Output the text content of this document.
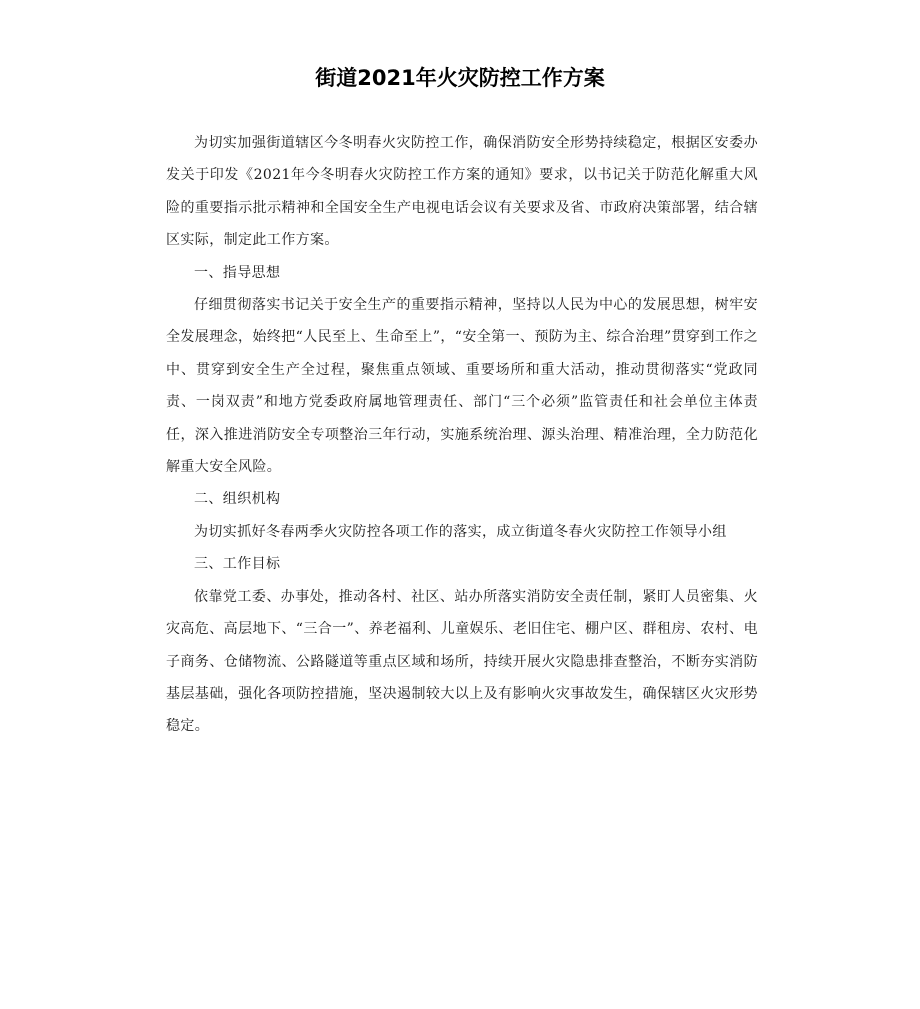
街道2021年火灾防控工作方案

为切实加强街道辖区今冬明春火灾防控工作，确保消防安全形势持续稳定，根据区安委办发关于印发《2021年今冬明春火灾防控工作方案的通知》要求，以书记关于防范化解重大风险的重要指示批示精神和全国安全生产电视电话会议有关要求及省、市政府决策部署，结合辖区实际，制定此工作方案。

一、指导思想

仔细贯彻落实书记关于安全生产的重要指示精神，坚持以人民为中心的发展思想，树牢安全发展理念，始终把“人民至上、生命至上”，“安全第一、预防为主、综合治理”贯穿到工作之中、贯穿到安全生产全过程，聚焦重点领域、重要场所和重大活动，推动贯彻落实“党政同责、一岗双责”和地方党委政府属地管理责任、部门“三个必须”监管责任和社会单位主体责任，深入推进消防安全专项整治三年行动，实施系统治理、源头治理、精准治理，全力防范化解重大安全风险。

二、组织机构

为切实抓好冬春两季火灾防控各项工作的落实，成立街道冬春火灾防控工作领导小组

三、工作目标

依靠党工委、办事处，推动各村、社区、站办所落实消防安全责任制，紧盯人员密集、火灾高危、高层地下、“三合一”、养老福利、儿童娱乐、老旧住宅、棚户区、群租房、农村、电子商务、仓储物流、公路隧道等重点区域和场所，持续开展火灾隐患排查整治，不断夯实消防基层基础，强化各项防控措施，坚决遏制较大以上及有影响火灾事故发生，确保辖区火灾形势稳定。
